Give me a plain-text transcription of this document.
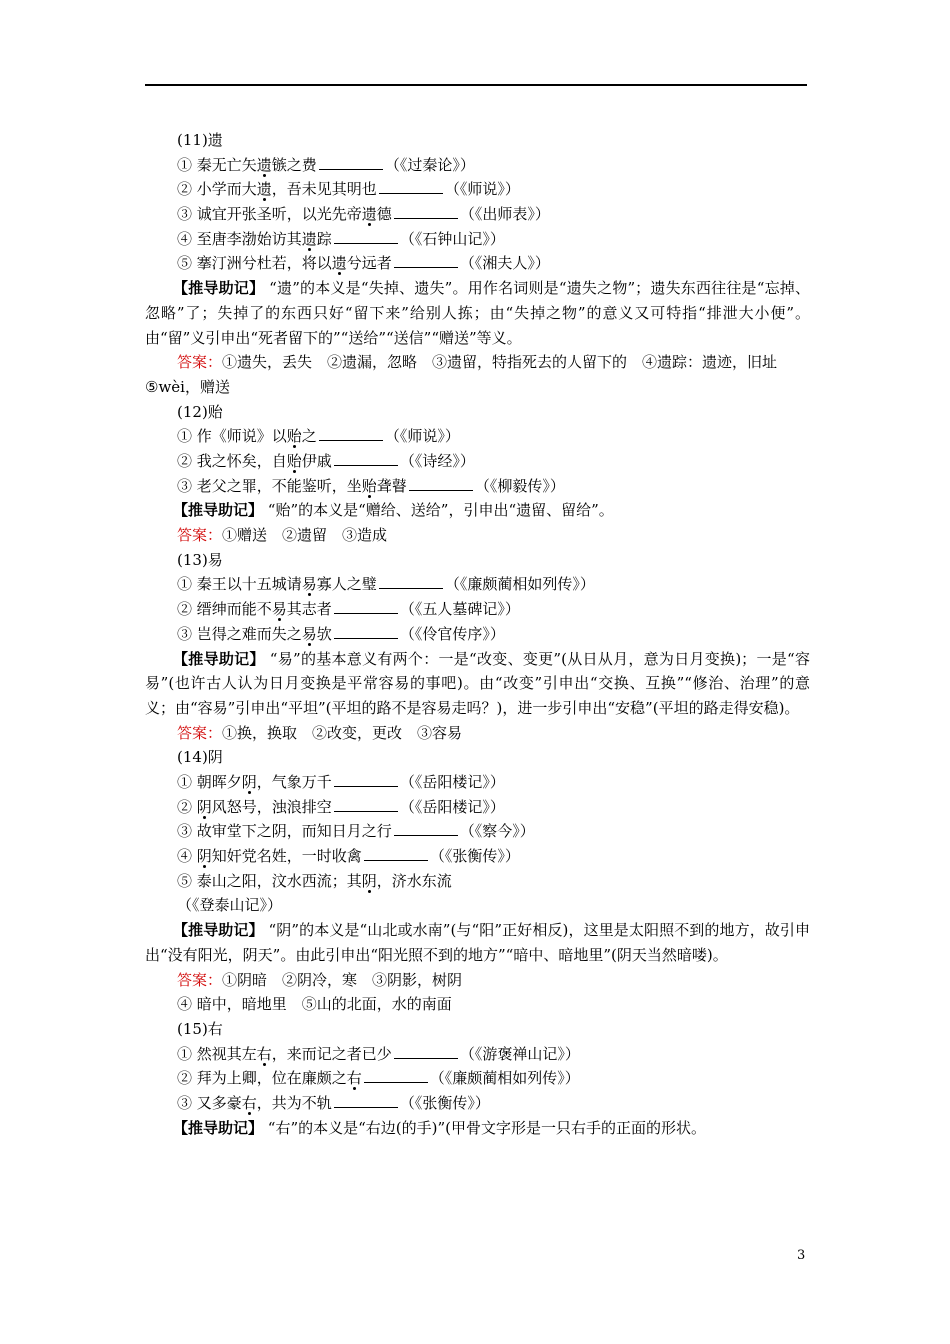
(11)遗
① 秦无亡矢遗镞之费	（《过秦论》）
② 小学而大遗，吾未见其明也	（《师说》）
③ 诚宜开张圣听，以光先帝遗德	（《出师表》）
④ 至唐李渤始访其遗踪	（《石钟山记》）
⑤ 搴汀洲兮杜若，将以遗兮远者	（《湘夫人》）

【推导助记】 “遗”的本义是“失掉、遗失”。用作名词则是“遗失之物”；遗失东西往往是“忘掉、忽略”了；失掉了的东西只好“留下来”给别人拣；由“失掉之物”的意义又可特指“排泄大小便”。由“留”义引申出“死者留下的”“送给”“送信”“赠送”等义。

答案：①遗失，丢失　②遗漏，忽略　③遗留，特指死去的人留下的　④遗踪：遗迹，旧址
⑤wèi，赠送
(12)贻
① 作《师说》以贻之	（《师说》）
② 我之怀矣，自贻伊戚	（《诗经》）
③ 老父之罪，不能鉴听，坐贻聋瞽	（《柳毅传》）

【推导助记】 “贻”的本义是“赠给、送给”，引申出“遗留、留给”。

答案：①赠送　②遗留　③造成
(13)易
① 秦王以十五城请易寡人之璧	（《廉颇蔺相如列传》）
② 缙绅而能不易其志者	（《五人墓碑记》）
③ 岂得之难而失之易欤	（《伶官传序》）

【推导助记】 “易”的基本意义有两个：一是“改变、变更”(从日从月，意为日月变换)；一是“容易”(也许古人认为日月变换是平常容易的事吧)。由“改变”引申出“交换、互换”“修治、治理”的意义；由“容易”引申出“平坦”(平坦的路不是容易走吗？)，进一步引申出“安稳”(平坦的路走得安稳)。

答案：①换，换取　②改变，更改　③容易
(14)阴
① 朝晖夕阴，气象万千	（《岳阳楼记》）
② 阴风怒号，浊浪排空	（《岳阳楼记》）
③ 故审堂下之阴，而知日月之行	（《察今》）
④ 阴知奸党名姓，一时收禽	（《张衡传》）
⑤ 泰山之阳，汶水西流；其阴，济水东流
（《登泰山记》）

【推导助记】 “阴”的本义是“山北或水南”(与“阳”正好相反)，这里是太阳照不到的地方，故引申出“没有阳光，阴天”。由此引申出“阳光照不到的地方”“暗中、暗地里”(阴天当然暗喽)。

答案：①阴暗　②阴冷，寒　③阴影，树阴
④ 暗中，暗地里　⑤山的北面，水的南面
(15)右
① 然视其左右，来而记之者已少	（《游褒禅山记》）
② 拜为上卿，位在廉颇之右	（《廉颇蔺相如列传》）
③ 又多豪右，共为不轨	（《张衡传》）

【推导助记】 “右”的本义是“右边(的手)”(甲骨文字形是一只右手的正面的形状。

3
